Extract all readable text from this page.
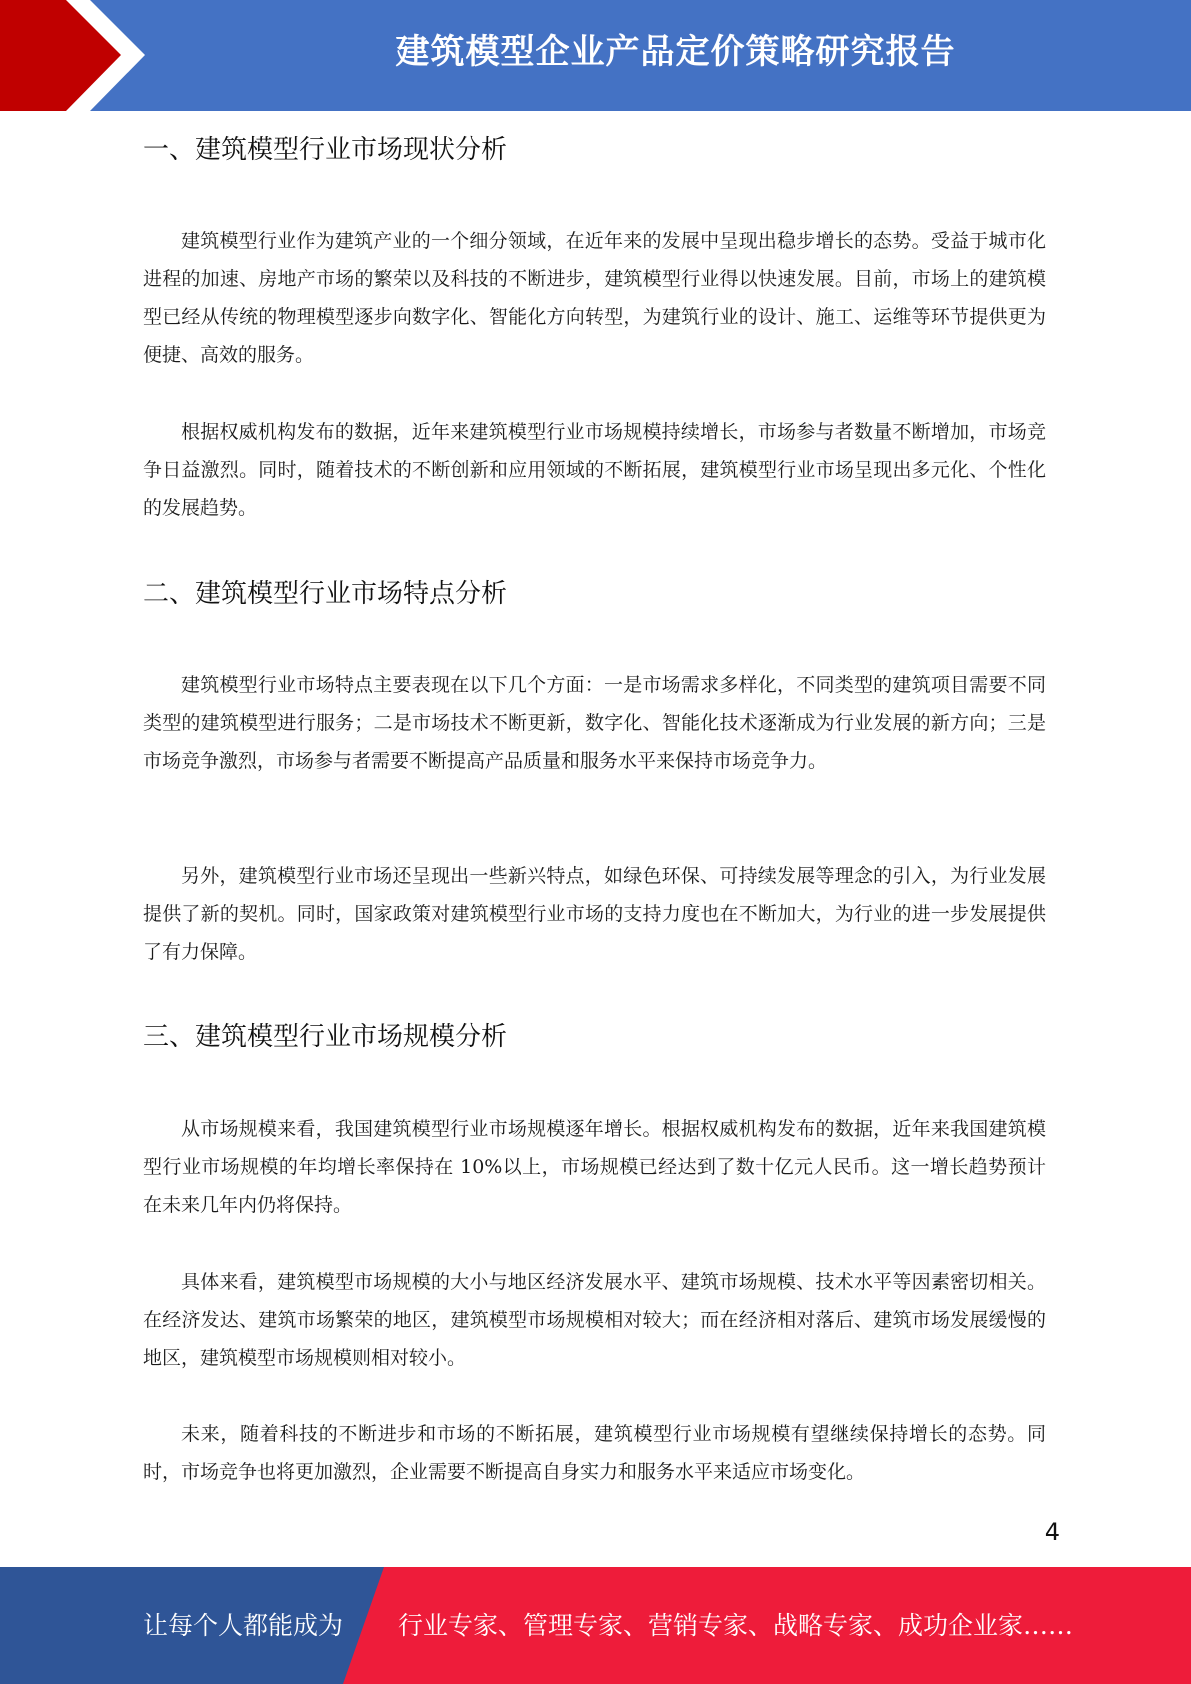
建筑模型企业产品定价策略研究报告
一、建筑模型行业市场现状分析

建筑模型行业作为建筑产业的一个细分领域，在近年来的发展中呈现出稳步增长的态势。受益于城市化进程的加速、房地产市场的繁荣以及科技的不断进步，建筑模型行业得以快速发展。目前，市场上的建筑模型已经从传统的物理模型逐步向数字化、智能化方向转型，为建筑行业的设计、施工、运维等环节提供更为便捷、高效的服务。

根据权威机构发布的数据，近年来建筑模型行业市场规模持续增长，市场参与者数量不断增加，市场竞争日益激烈。同时，随着技术的不断创新和应用领域的不断拓展，建筑模型行业市场呈现出多元化、个性化的发展趋势。

二、建筑模型行业市场特点分析

建筑模型行业市场特点主要表现在以下几个方面：一是市场需求多样化，不同类型的建筑项目需要不同类型的建筑模型进行服务；二是市场技术不断更新，数字化、智能化技术逐渐成为行业发展的新方向；三是市场竞争激烈，市场参与者需要不断提高产品质量和服务水平来保持市场竞争力。

另外，建筑模型行业市场还呈现出一些新兴特点，如绿色环保、可持续发展等理念的引入，为行业发展提供了新的契机。同时，国家政策对建筑模型行业市场的支持力度也在不断加大，为行业的进一步发展提供了有力保障。

三、建筑模型行业市场规模分析

从市场规模来看，我国建筑模型行业市场规模逐年增长。根据权威机构发布的数据，近年来我国建筑模型行业市场规模的年均增长率保持在 10%以上，市场规模已经达到了数十亿元人民币。这一增长趋势预计在未来几年内仍将保持。

具体来看，建筑模型市场规模的大小与地区经济发展水平、建筑市场规模、技术水平等因素密切相关。在经济发达、建筑市场繁荣的地区，建筑模型市场规模相对较大；而在经济相对落后、建筑市场发展缓慢的地区，建筑模型市场规模则相对较小。

未来，随着科技的不断进步和市场的不断拓展，建筑模型行业市场规模有望继续保持增长的态势。同时，市场竞争也将更加激烈，企业需要不断提高自身实力和服务水平来适应市场变化。

4
让每个人都能成为 行业专家、管理专家、营销专家、战略专家、成功企业家……
